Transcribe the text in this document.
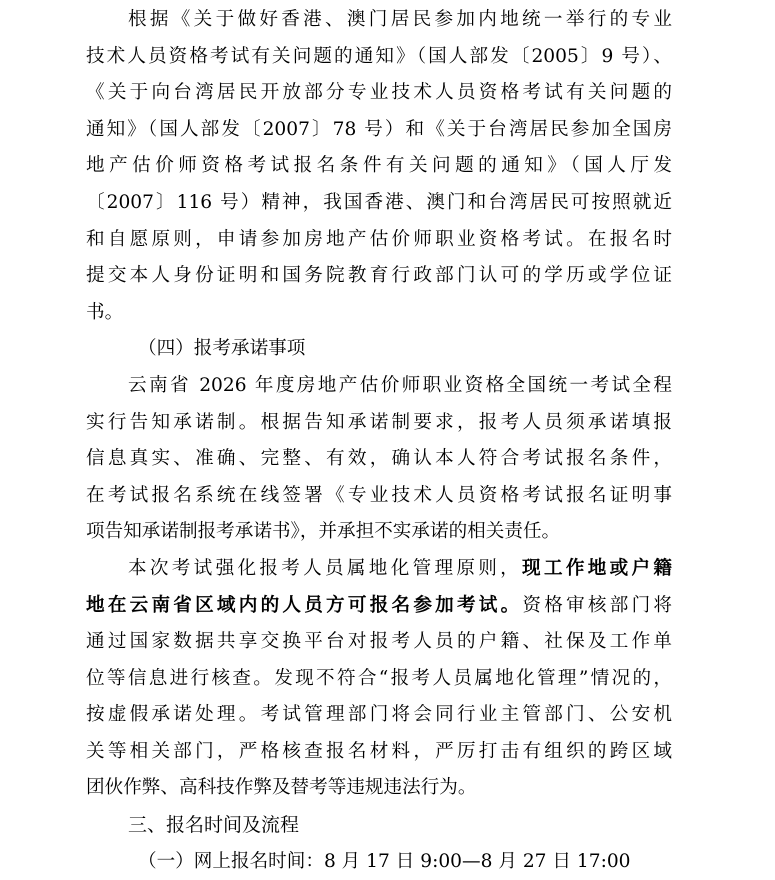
根据《关于做好香港、澳门居民参加内地统一举行的专业
技术人员资格考试有关问题的通知》（国人部发〔2005〕9 号）、
《关于向台湾居民开放部分专业技术人员资格考试有关问题的
通知》（国人部发〔2007〕78 号）和《关于台湾居民参加全国房
地产估价师资格考试报名条件有关问题的通知》（国人厅发
〔2007〕116 号）精神，我国香港、澳门和台湾居民可按照就近
和自愿原则，申请参加房地产估价师职业资格考试。在报名时
提交本人身份证明和国务院教育行政部门认可的学历或学位证
书。
（四）报考承诺事项
云南省 2026 年度房地产估价师职业资格全国统一考试全程
实行告知承诺制。根据告知承诺制要求，报考人员须承诺填报
信息真实、准确、完整、有效，确认本人符合考试报名条件，
在考试报名系统在线签署《专业技术人员资格考试报名证明事
项告知承诺制报考承诺书》，并承担不实承诺的相关责任。
本次考试强化报考人员属地化管理原则，现工作地或户籍
地在云南省区域内的人员方可报名参加考试。资格审核部门将
通过国家数据共享交换平台对报考人员的户籍、社保及工作单
位等信息进行核查。发现不符合“报考人员属地化管理”情况的，
按虚假承诺处理。考试管理部门将会同行业主管部门、公安机
关等相关部门，严格核查报名材料，严厉打击有组织的跨区域
团伙作弊、高科技作弊及替考等违规违法行为。
三、报名时间及流程
（一）网上报名时间：8 月 17 日 9:00—8 月 27 日 17:00
